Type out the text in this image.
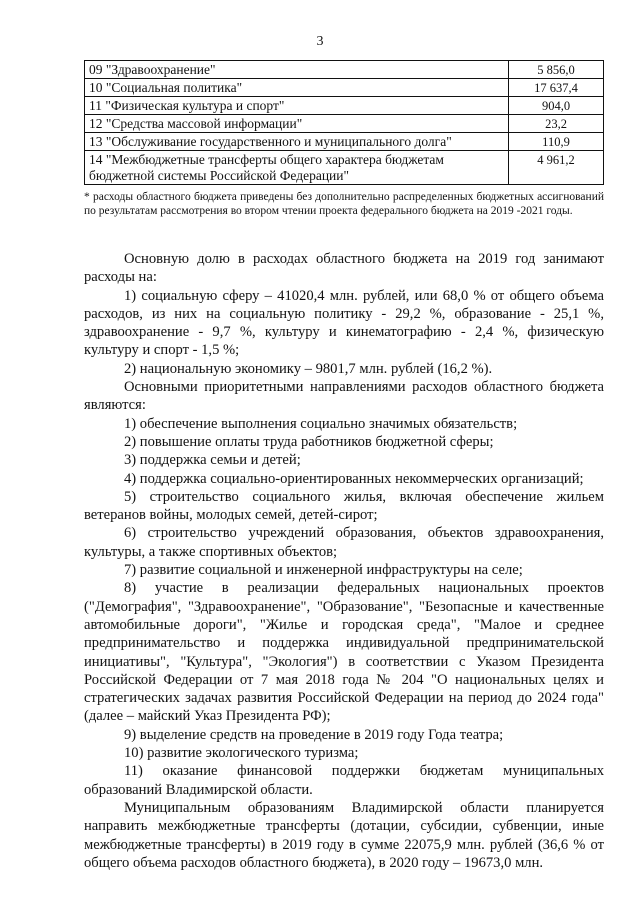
3
09 "Здравоохранение"	5 856,0
10 "Социальная политика"	17 637,4
11 "Физическая культура и спорт"	904,0
12 "Средства массовой информации"	23,2
13 "Обслуживание государственного и муниципального долга"	110,9
14 "Межбюджетные трансферты общего характера бюджетам бюджетной системы Российской Федерации"	4 961,2
* расходы областного бюджета приведены без дополнительно распределенных бюджетных ассигнований по результатам рассмотрения во втором чтении проекта федерального бюджета на 2019 -2021 годы.

Основную долю в расходах областного бюджета на 2019 год занимают расходы на:

1) социальную сферу – 41020,4 млн. рублей, или 68,0 % от общего объема расходов, из них на социальную политику - 29,2 %, образование - 25,1 %, здравоохранение - 9,7 %, культуру и кинематографию - 2,4 %, физическую культуру и спорт - 1,5 %;

2) национальную экономику – 9801,7 млн. рублей (16,2 %).

Основными приоритетными направлениями расходов областного бюджета являются:

1) обеспечение выполнения социально значимых обязательств;

2) повышение оплаты труда работников бюджетной сферы;

3) поддержка семьи и детей;

4) поддержка социально-ориентированных некоммерческих организаций;

5) строительство социального жилья, включая обеспечение жильем ветеранов войны, молодых семей, детей-сирот;

6) строительство учреждений образования, объектов здравоохранения, культуры, а также спортивных объектов;

7) развитие социальной и инженерной инфраструктуры на селе;

8) участие в реализации федеральных национальных проектов ("Демография", "Здравоохранение", "Образование", "Безопасные и качественные автомобильные дороги", "Жилье и городская среда", "Малое и среднее предпринимательство и поддержка индивидуальной предпринимательской инициативы", "Культура", "Экология") в соответствии с Указом Президента Российской Федерации от 7 мая 2018 года № 204 "О национальных целях и стратегических задачах развития Российской Федерации на период до 2024 года" (далее – майский Указ Президента РФ);

9) выделение средств на проведение в 2019 году Года театра;

10) развитие экологического туризма;

11) оказание финансовой поддержки бюджетам муниципальных образований Владимирской области.

Муниципальным образованиям Владимирской области планируется направить межбюджетные трансферты (дотации, субсидии, субвенции, иные межбюджетные трансферты) в 2019 году в сумме 22075,9 млн. рублей (36,6 % от общего объема расходов областного бюджета), в 2020 году – 19673,0 млн.
